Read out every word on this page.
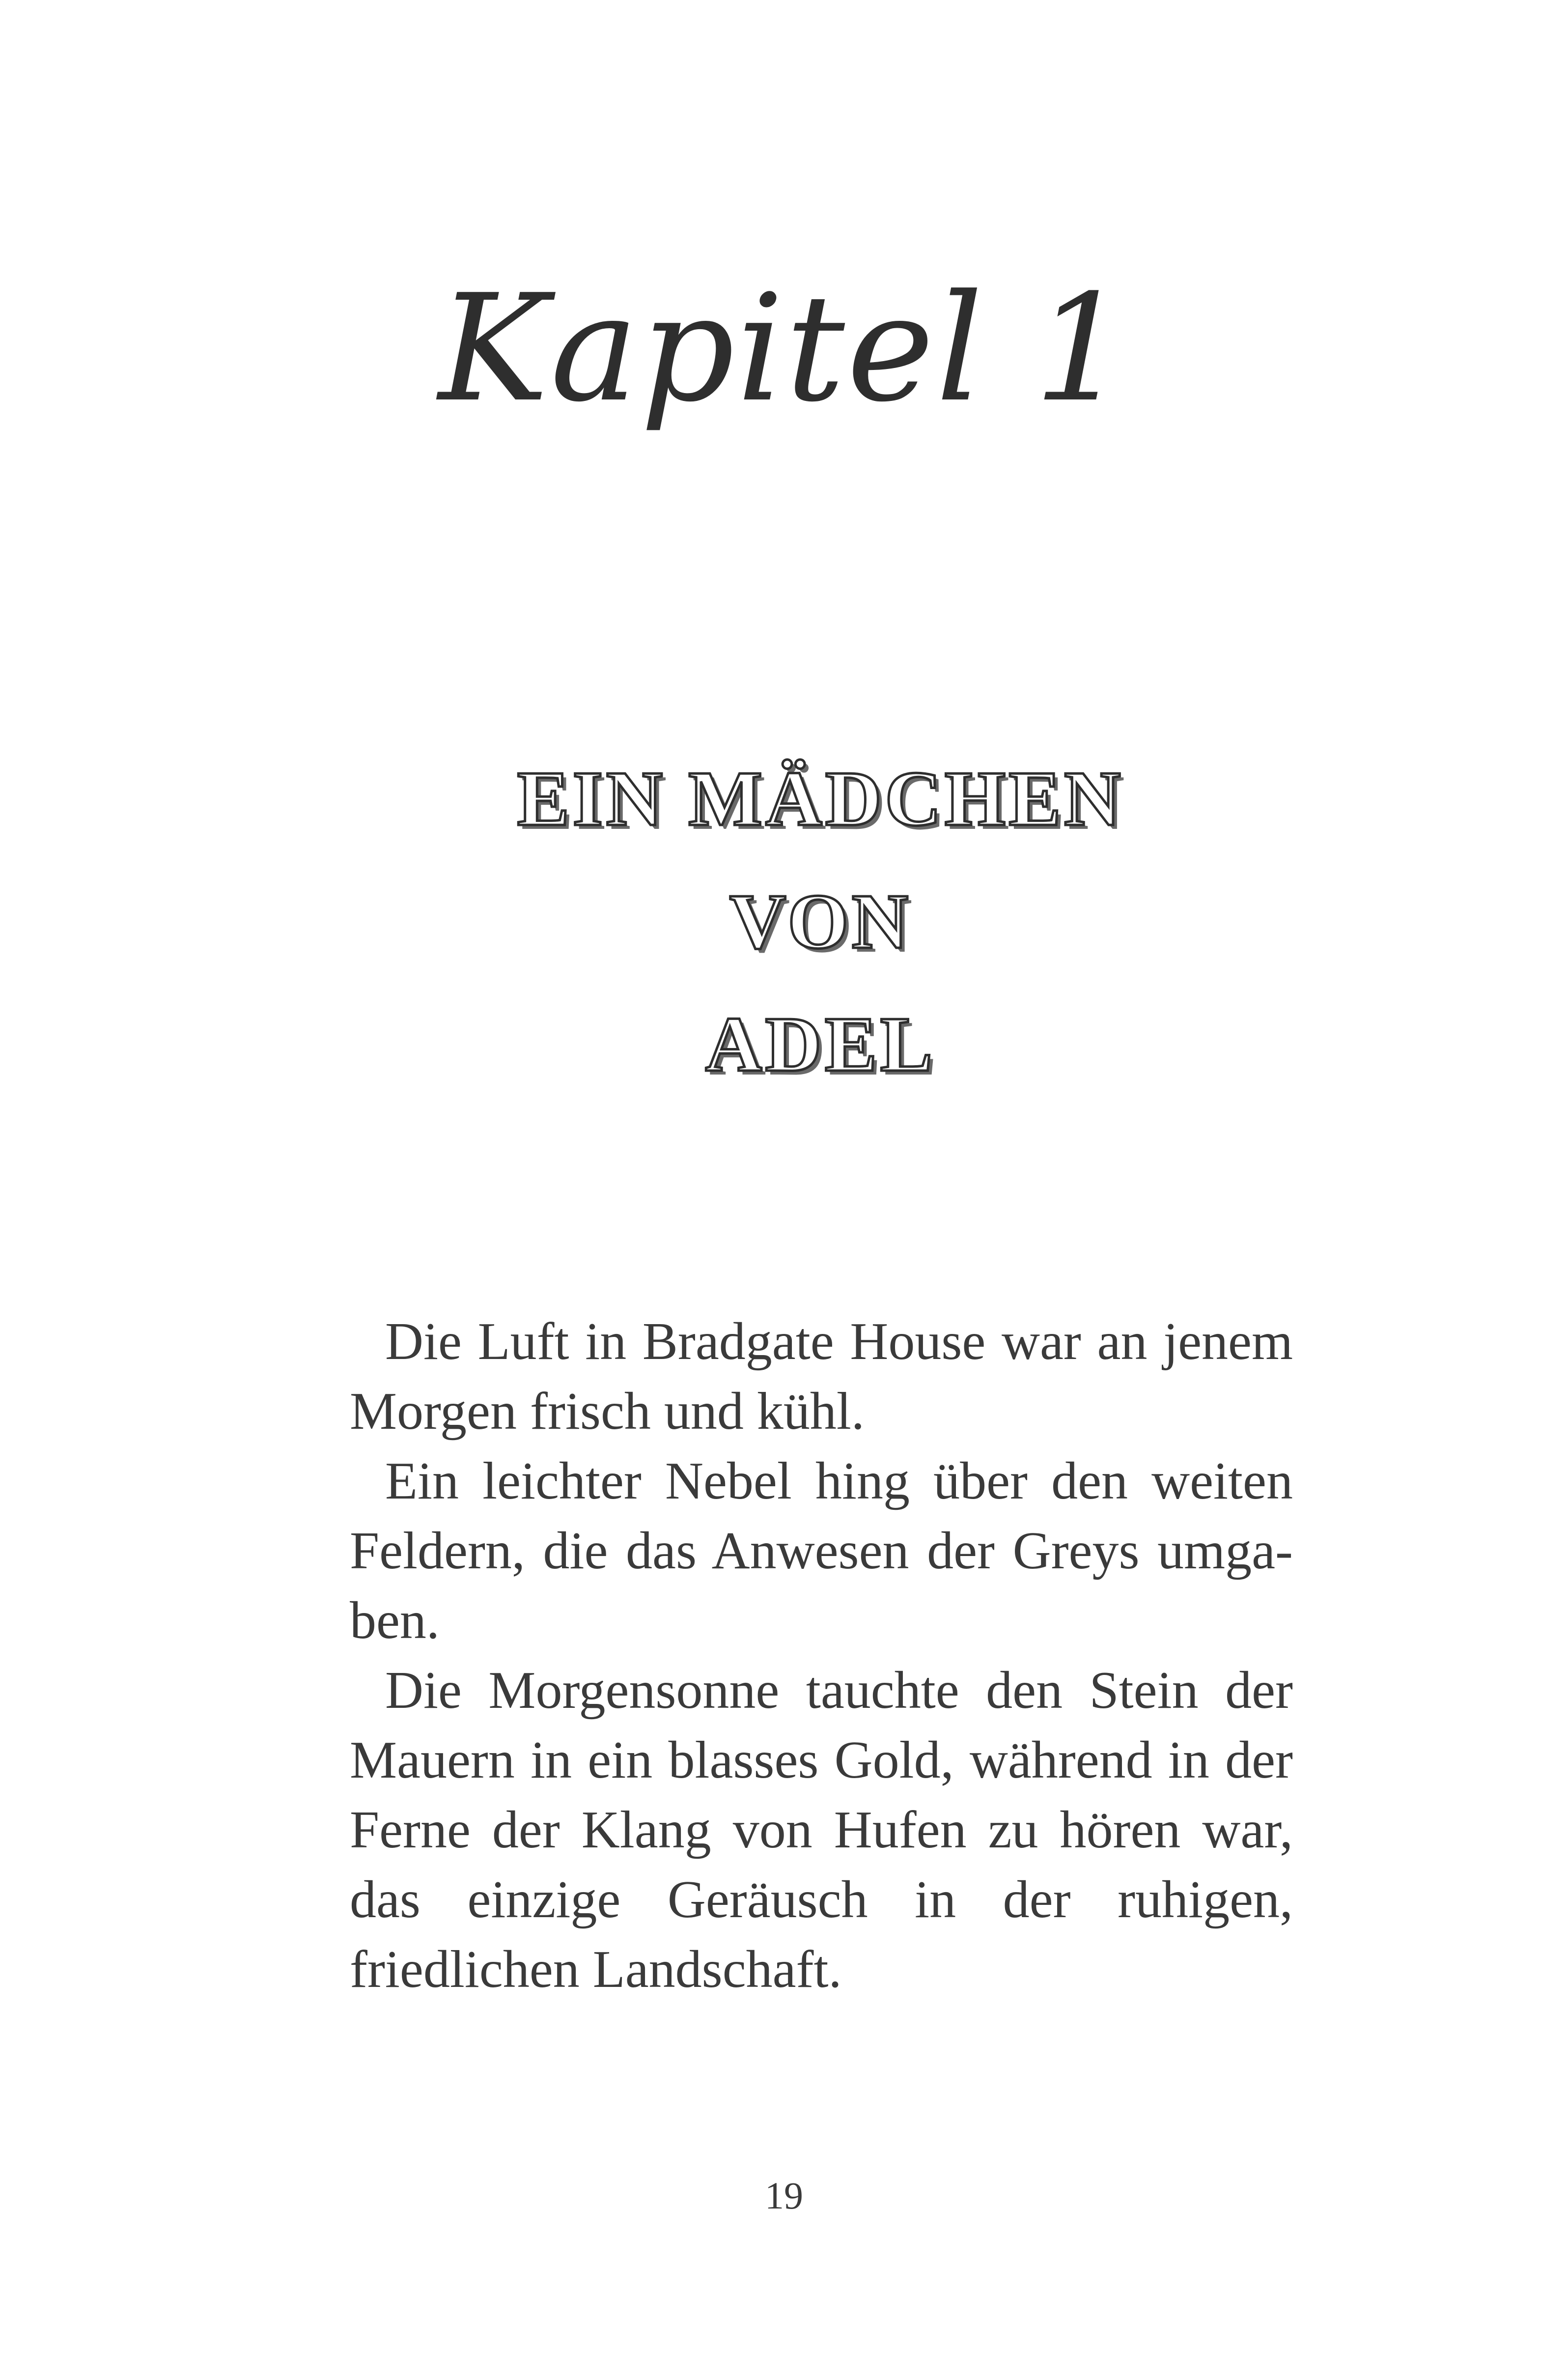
Kapitel 1
EIN MÄDCHEN VON
ADEL

Die Luft in Bradgate House war an jenem Morgen frisch und kühl.

Ein leichter Nebel hing über den weiten Feldern, die das Anwesen der Greys umgaben.

Die Morgensonne tauchte den Stein der Mauern in ein blasses Gold, während in der Ferne der Klang von Hufen zu hören war, das einzige Geräusch in der ruhigen, friedlichen Landschaft.

19
